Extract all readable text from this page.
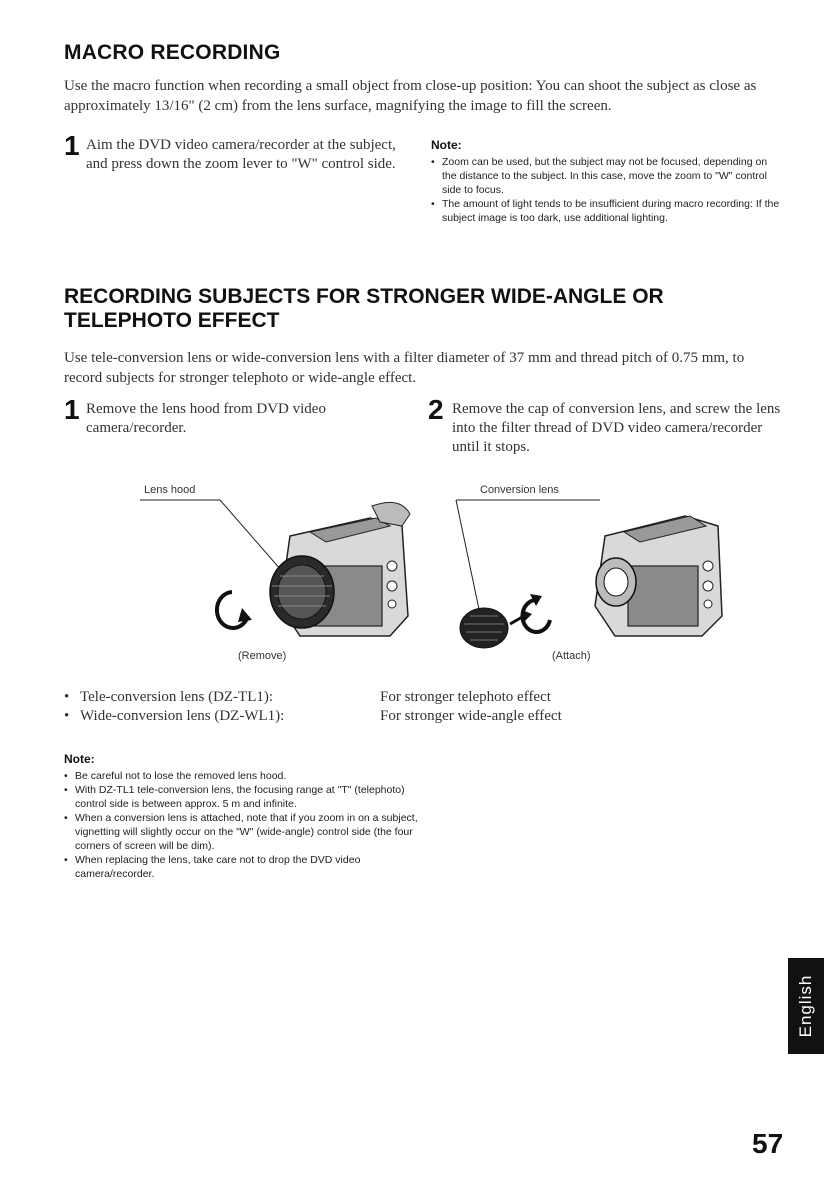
MACRO RECORDING
Use the macro function when recording a small object from close-up position: You can shoot the subject as close as approximately 13/16" (2 cm) from the lens surface, magnifying the image to fill the screen.
1 Aim the DVD video camera/recorder at the subject, and press down the zoom lever to "W" control side.
Note:
• Zoom can be used, but the subject may not be focused, depending on the distance to the subject. In this case, move the zoom to "W" control side to focus.
• The amount of light tends to be insufficient during macro recording: If the subject image is too dark, use additional lighting.
RECORDING SUBJECTS FOR STRONGER WIDE-ANGLE OR TELEPHOTO EFFECT
Use tele-conversion lens or wide-conversion lens with a filter diameter of 37 mm and thread pitch of 0.75 mm, to record subjects for stronger telephoto or wide-angle effect.
1 Remove the lens hood from DVD video camera/recorder.
2 Remove the cap of conversion lens, and screw the lens into the filter thread of DVD video camera/recorder until it stops.
Lens hood
(Remove)
Conversion lens
(Attach)
• Tele-conversion lens (DZ-TL1):	For stronger telephoto effect
• Wide-conversion lens (DZ-WL1):	For stronger wide-angle effect
Note:
• Be careful not to lose the removed lens hood.
• With DZ-TL1 tele-conversion lens, the focusing range at "T" (telephoto) control side is between approx. 5 m and infinite.
• When a conversion lens is attached, note that if you zoom in on a subject, vignetting will slightly occur on the "W" (wide-angle) control side (the four corners of screen will be dim).
• When replacing the lens, take care not to drop the DVD video camera/recorder.
English
57
